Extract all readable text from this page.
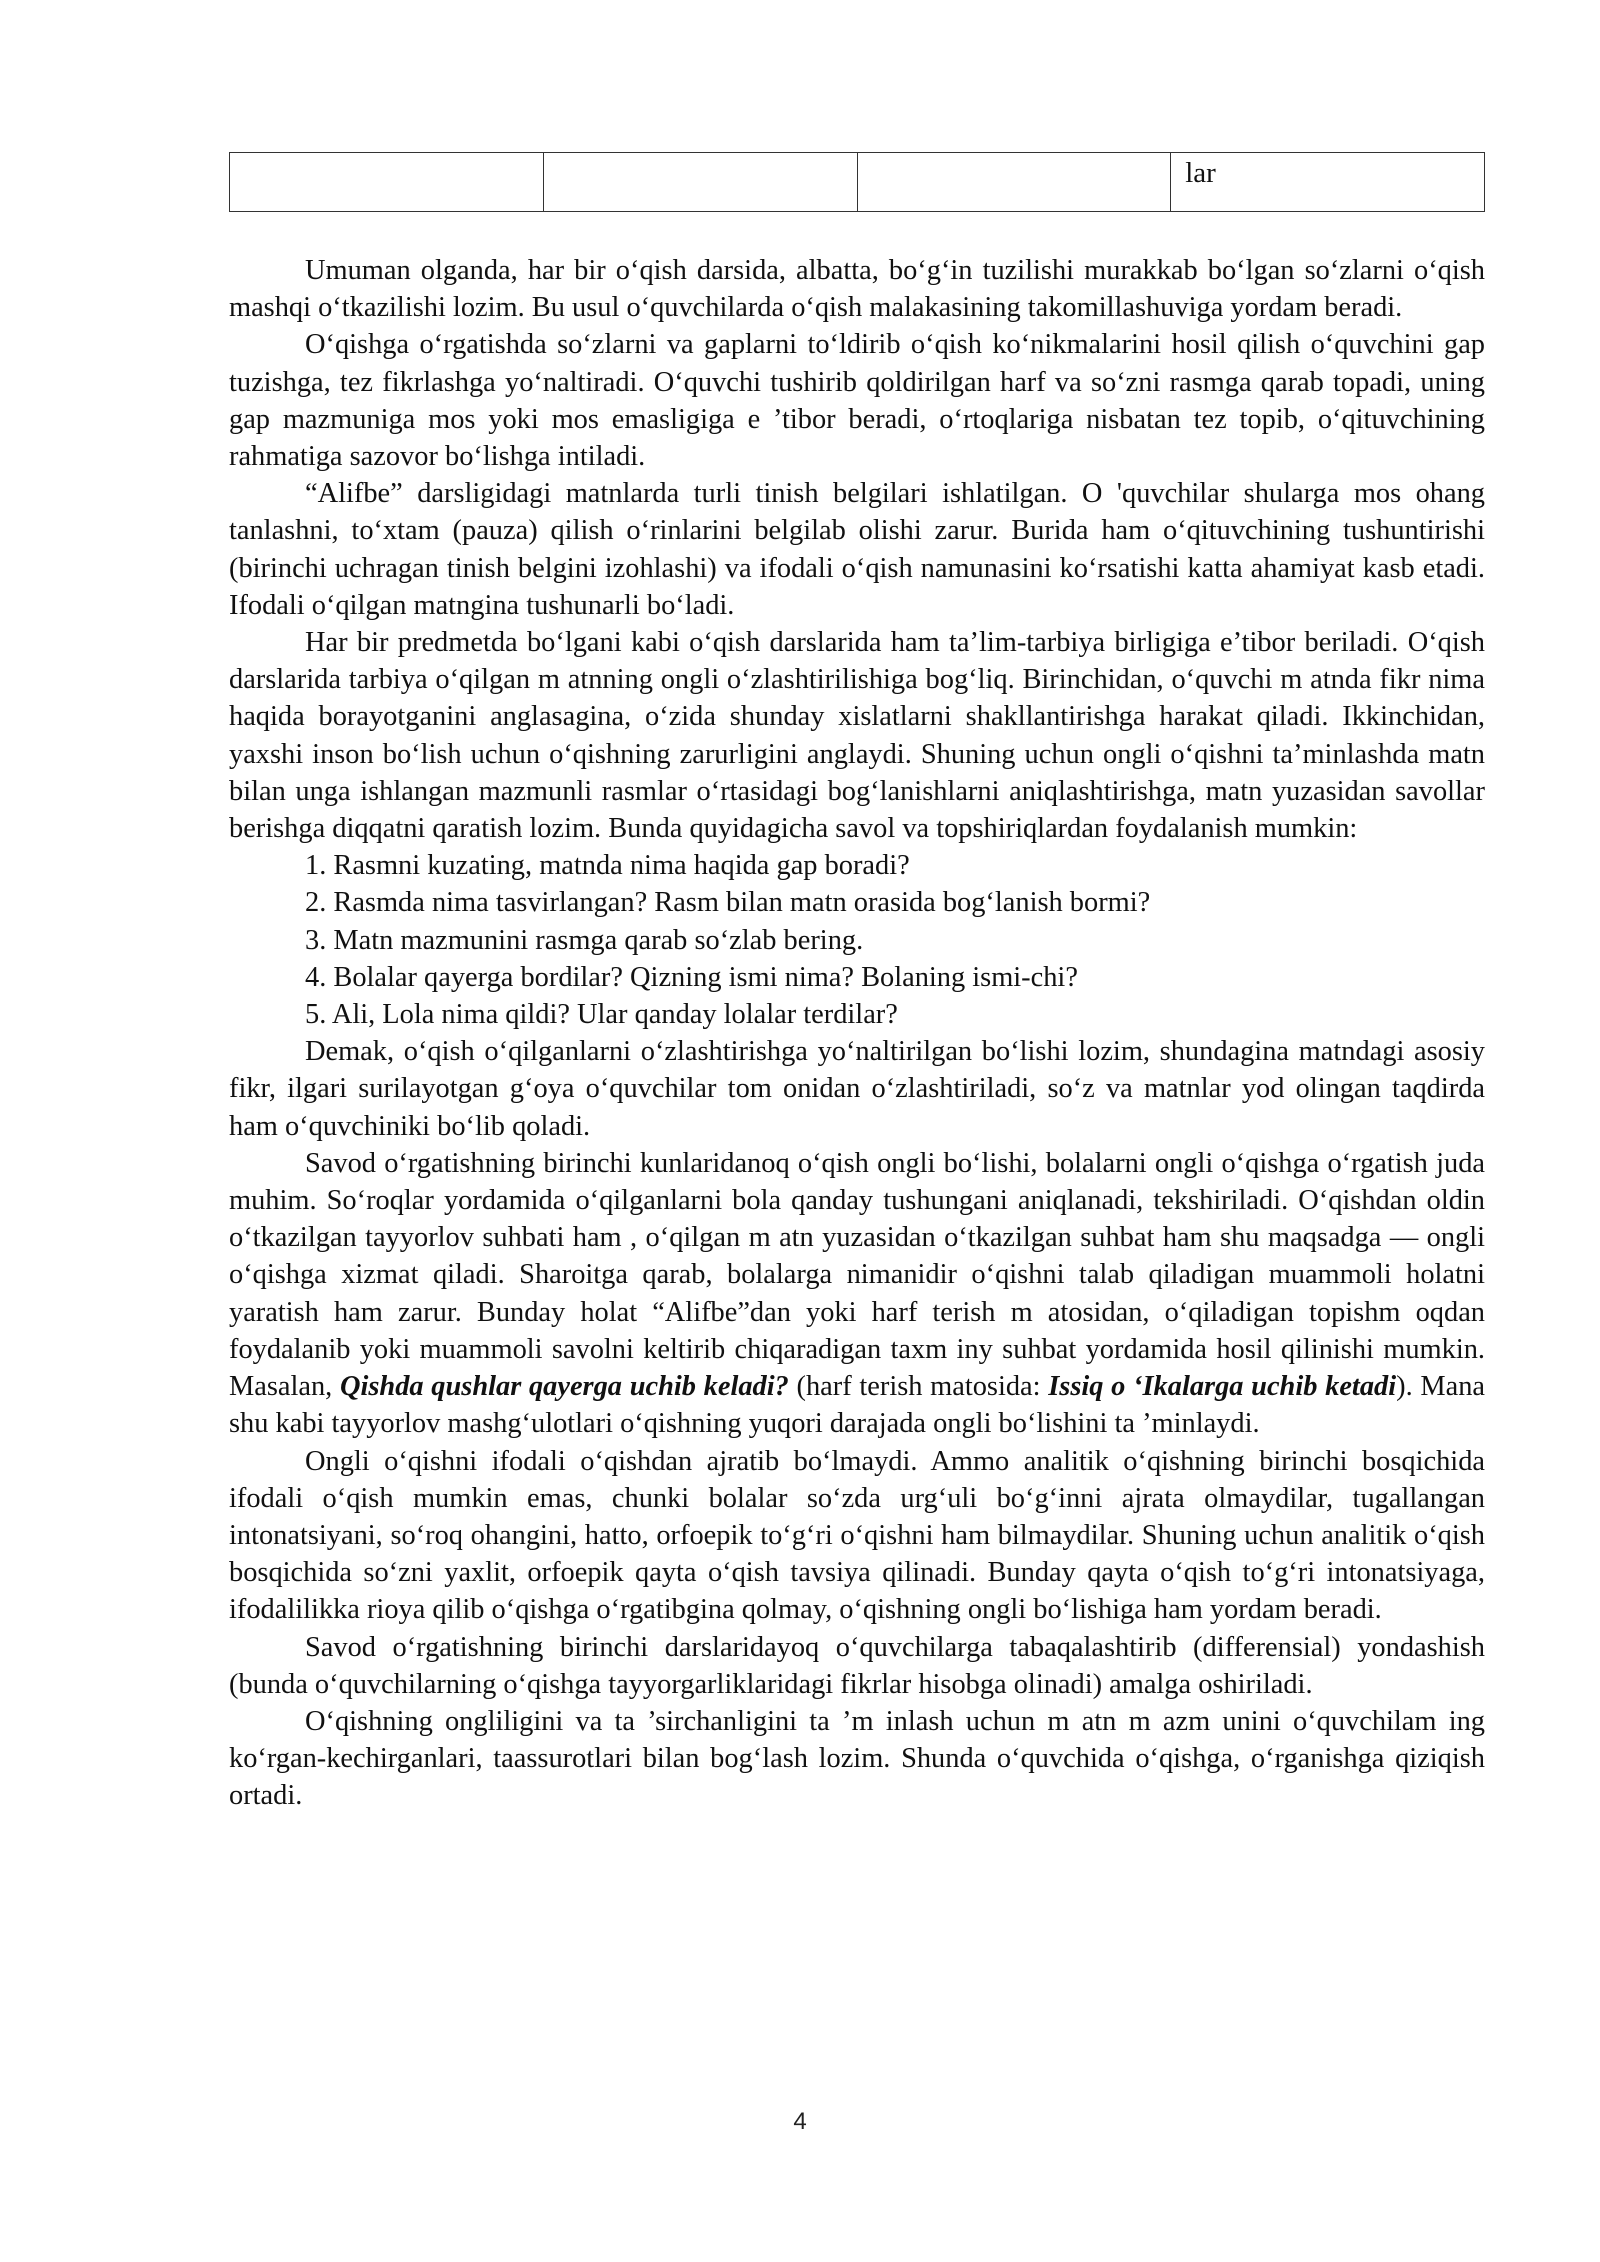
			lar

Umuman olganda, har bir o‘qish darsida, albatta, bo‘g‘in tuzilishi murakkab bo‘lgan so‘zlarni o‘qish mashqi o‘tkazilishi lozim. Bu usul o‘quvchilarda o‘qish malakasining takomillashuviga yordam beradi.

O‘qishga o‘rgatishda so‘zlarni va gaplarni to‘ldirib o‘qish ko‘nikmalarini hosil qilish o‘quvchini gap tuzishga, tez fikrlashga yo‘naltiradi. O‘quvchi tushirib qoldirilgan harf va so‘zni rasmga qarab topadi, uning gap mazmuniga mos yoki mos emasligiga e ’tibor beradi, o‘rtoqlariga nisbatan tez topib, o‘qituvchining rahmatiga sazovor bo‘lishga intiladi.

“Alifbe” darsligidagi matnlarda turli tinish belgilari ishlatilgan. O 'quvchilar shularga mos ohang tanlashni, to‘xtam (pauza) qilish o‘rinlarini belgilab olishi zarur. Burida ham o‘qituvchining tushuntirishi (birinchi uchragan tinish belgini izohlashi) va ifodali o‘qish namunasini ko‘rsatishi katta ahamiyat kasb etadi. Ifodali o‘qilgan matngina tushunarli bo‘ladi.

Har bir predmetda bo‘lgani kabi o‘qish darslarida ham ta’lim-tarbiya birligiga e’tibor beriladi. O‘qish darslarida tarbiya o‘qilgan m atnning ongli o‘zlashtirilishiga bog‘liq. Birinchidan, o‘quvchi m atnda fikr nima haqida borayotganini anglasagina, o‘zida shunday xislatlarni shakllantirishga harakat qiladi. Ikkinchidan, yaxshi inson bo‘lish uchun o‘qishning zarurligini anglaydi. Shuning uchun ongli o‘qishni ta’minlashda matn bilan unga ishlangan mazmunli rasmlar o‘rtasidagi bog‘lanishlarni aniqlashtirishga, matn yuzasidan savollar berishga diqqatni qaratish lozim. Bunda quyidagicha savol va topshiriqlardan foydalanish mumkin:

1. Rasmni kuzating, matnda nima haqida gap boradi?

2. Rasmda nima tasvirlangan? Rasm bilan matn orasida bog‘lanish bormi?

3. Matn mazmunini rasmga qarab so‘zlab bering.

4. Bolalar qayerga bordilar? Qizning ismi nima? Bolaning ismi-chi?

5. Ali, Lola nima qildi? Ular qanday lolalar terdilar?

Demak, o‘qish o‘qilganlarni o‘zlashtirishga yo‘naltirilgan bo‘lishi lozim, shundagina matndagi asosiy fikr, ilgari surilayotgan g‘oya o‘quvchilar tom onidan o‘zlashtiriladi, so‘z va matnlar yod olingan taqdirda ham o‘quvchiniki bo‘lib qoladi.

Savod o‘rgatishning birinchi kunlaridanoq o‘qish ongli bo‘lishi, bolalarni ongli o‘qishga o‘rgatish juda muhim. So‘roqlar yordamida o‘qilganlarni bola qanday tushungani aniqlanadi, tekshiriladi. O‘qishdan oldin o‘tkazilgan tayyorlov suhbati ham , o‘qilgan m atn yuzasidan o‘tkazilgan suhbat ham shu maqsadga — ongli o‘qishga xizmat qiladi. Sharoitga qarab, bolalarga nimanidir o‘qishni talab qiladigan muammoli holatni yaratish ham zarur. Bunday holat “Alifbe”dan yoki harf terish m atosidan, o‘qiladigan topishm oqdan foydalanib yoki muammoli savolni keltirib chiqaradigan taxm iny suhbat yordamida hosil qilinishi mumkin. Masalan, Qishda qushlar qayerga uchib keladi? (harf terish matosida: Issiq o ‘Ikalarga uchib ketadi). Mana shu kabi tayyorlov mashg‘ulotlari o‘qishning yuqori darajada ongli bo‘lishini ta ’minlaydi.

Ongli o‘qishni ifodali o‘qishdan ajratib bo‘lmaydi. Ammo analitik o‘qishning birinchi bosqichida ifodali o‘qish mumkin emas, chunki bolalar so‘zda urg‘uli bo‘g‘inni ajrata olmaydilar, tugallangan intonatsiyani, so‘roq ohangini, hatto, orfoepik to‘g‘ri o‘qishni ham bilmaydilar. Shuning uchun analitik o‘qish bosqichida so‘zni yaxlit, orfoepik qayta o‘qish tavsiya qilinadi. Bunday qayta o‘qish to‘g‘ri intonatsiyaga, ifodalilikka rioya qilib o‘qishga o‘rgatibgina qolmay, o‘qishning ongli bo‘lishiga ham yordam beradi.

Savod o‘rgatishning birinchi darslaridayoq o‘quvchilarga tabaqalashtirib (differensial) yondashish (bunda o‘quvchilarning o‘qishga tayyorgarliklaridagi fikrlar hisobga olinadi) amalga oshiriladi.

O‘qishning ongliligini va ta ’sirchanligini ta ’m inlash uchun m atn m azm unini o‘quvchilam ing ko‘rgan-kechirganlari, taassurotlari bilan bog‘lash lozim. Shunda o‘quvchida o‘qishga, o‘rganishga qiziqish ortadi.

4
